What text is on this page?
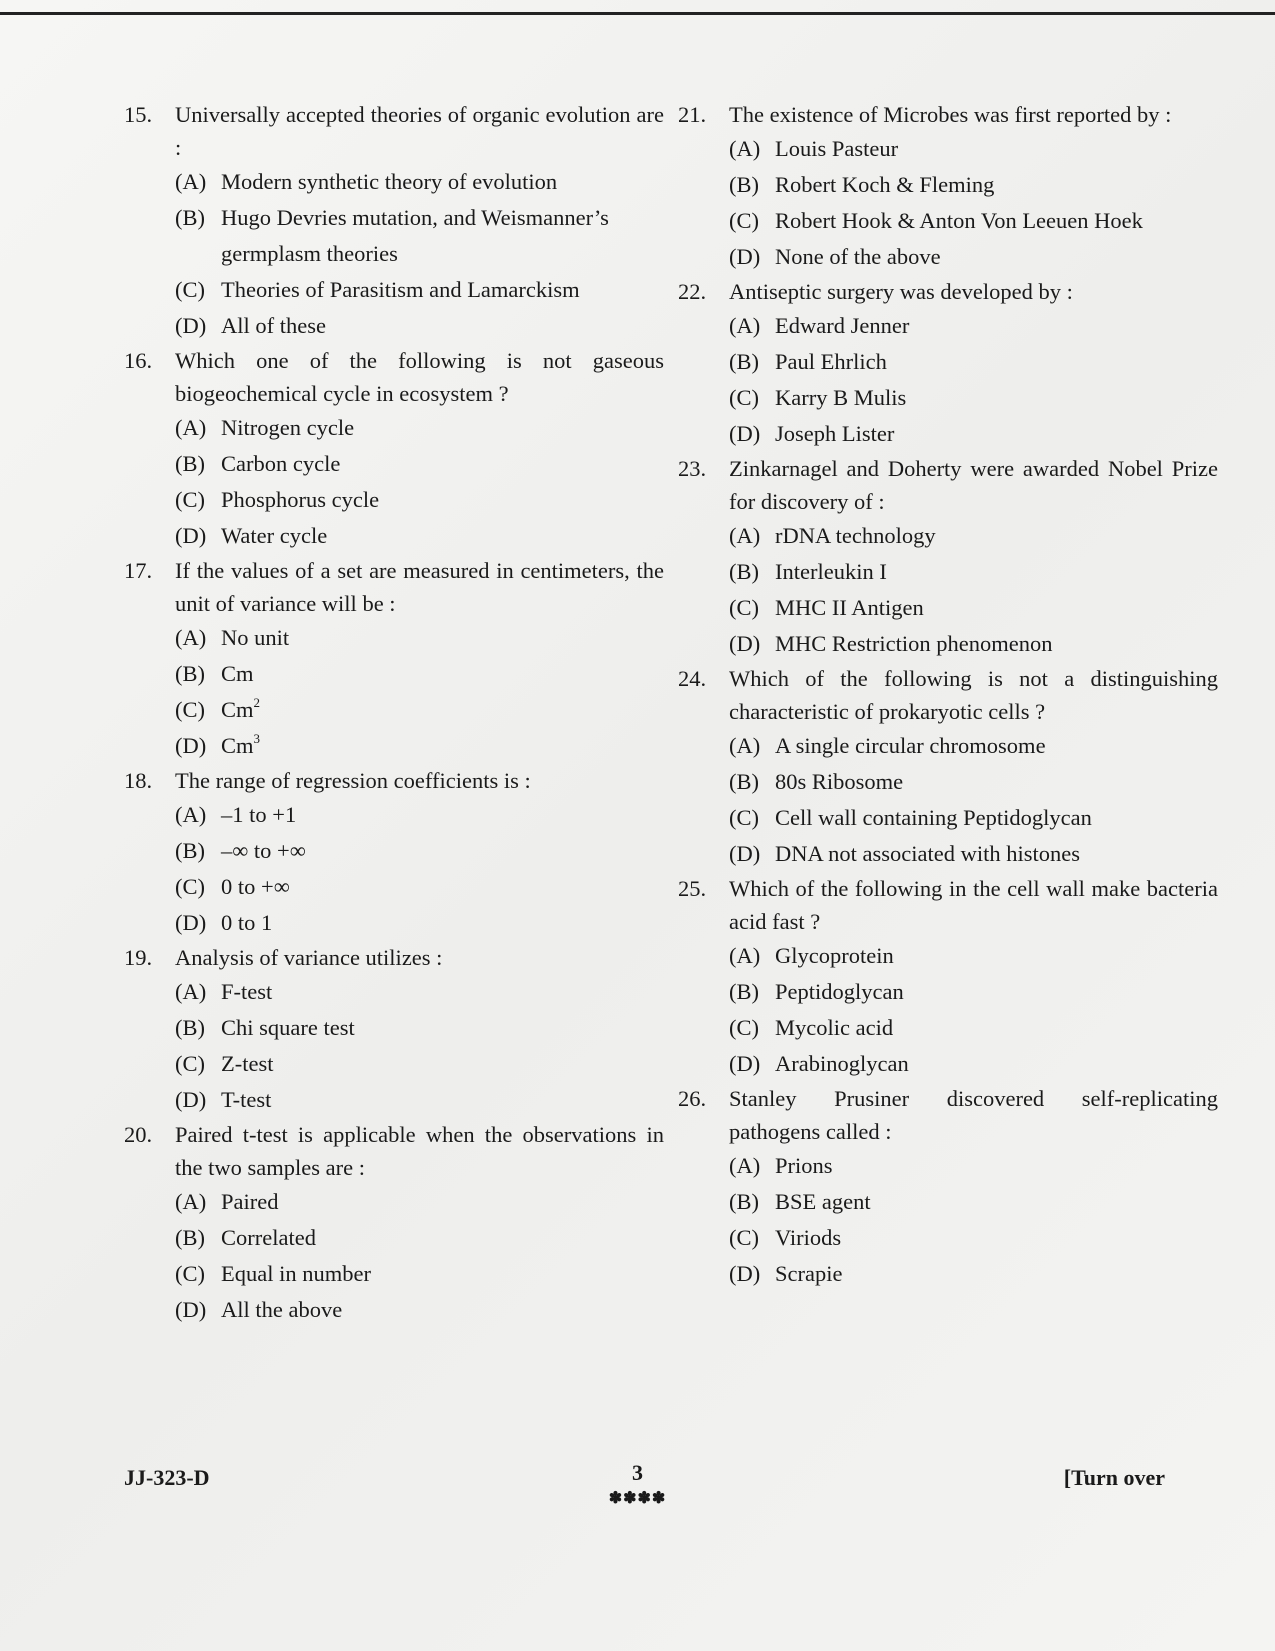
15.	Universally accepted theories of organic evolution are :
(A) Modern synthetic theory of evolution
(B) Hugo Devries mutation, and Weismanner’s germplasm theories
(C) Theories of Parasitism and Lamarckism
(D) All of these
16.	Which one of the following is not gaseous biogeochemical cycle in ecosystem ?
(A) Nitrogen cycle
(B) Carbon cycle
(C) Phosphorus cycle
(D) Water cycle
17.	If the values of a set are measured in centimeters, the unit of variance will be :
(A) No unit
(B) Cm
(C) Cm$^2$
(D) Cm$^3$
18.	The range of regression coefficients is :
(A) –1 to +1
(B) –∞ to +∞
(C) 0 to +∞
(D) 0 to 1
19.	Analysis of variance utilizes :
(A) F-test
(B) Chi square test
(C) Z-test
(D) T-test
20.	Paired t-test is applicable when the observations in the two samples are :
(A) Paired
(B) Correlated
(C) Equal in number
(D) All the above
21.	The existence of Microbes was first reported by :
(A) Louis Pasteur
(B) Robert Koch & Fleming
(C) Robert Hook & Anton Von Leeuen Hoek
(D) None of the above
22.	Antiseptic surgery was developed by :
(A) Edward Jenner
(B) Paul Ehrlich
(C) Karry B Mulis
(D) Joseph Lister
23.	Zinkarnagel and Doherty were awarded Nobel Prize for discovery of :
(A) rDNA technology
(B) Interleukin I
(C) MHC II Antigen
(D) MHC Restriction phenomenon
24.	Which of the following is not a distinguishing characteristic of prokaryotic cells ?
(A) A single circular chromosome
(B) 80s Ribosome
(C) Cell wall containing Peptidoglycan
(D) DNA not associated with histones
25.	Which of the following in the cell wall make bacteria acid fast ?
(A) Glycoprotein
(B) Peptidoglycan
(C) Mycolic acid
(D) Arabinoglycan
26.	Stanley Prusiner discovered self-replicating pathogens called :
(A) Prions
(B) BSE agent
(C) Viriods
(D) Scrapie
JJ-323-D	3
✽✽✽✽
[Turn over
